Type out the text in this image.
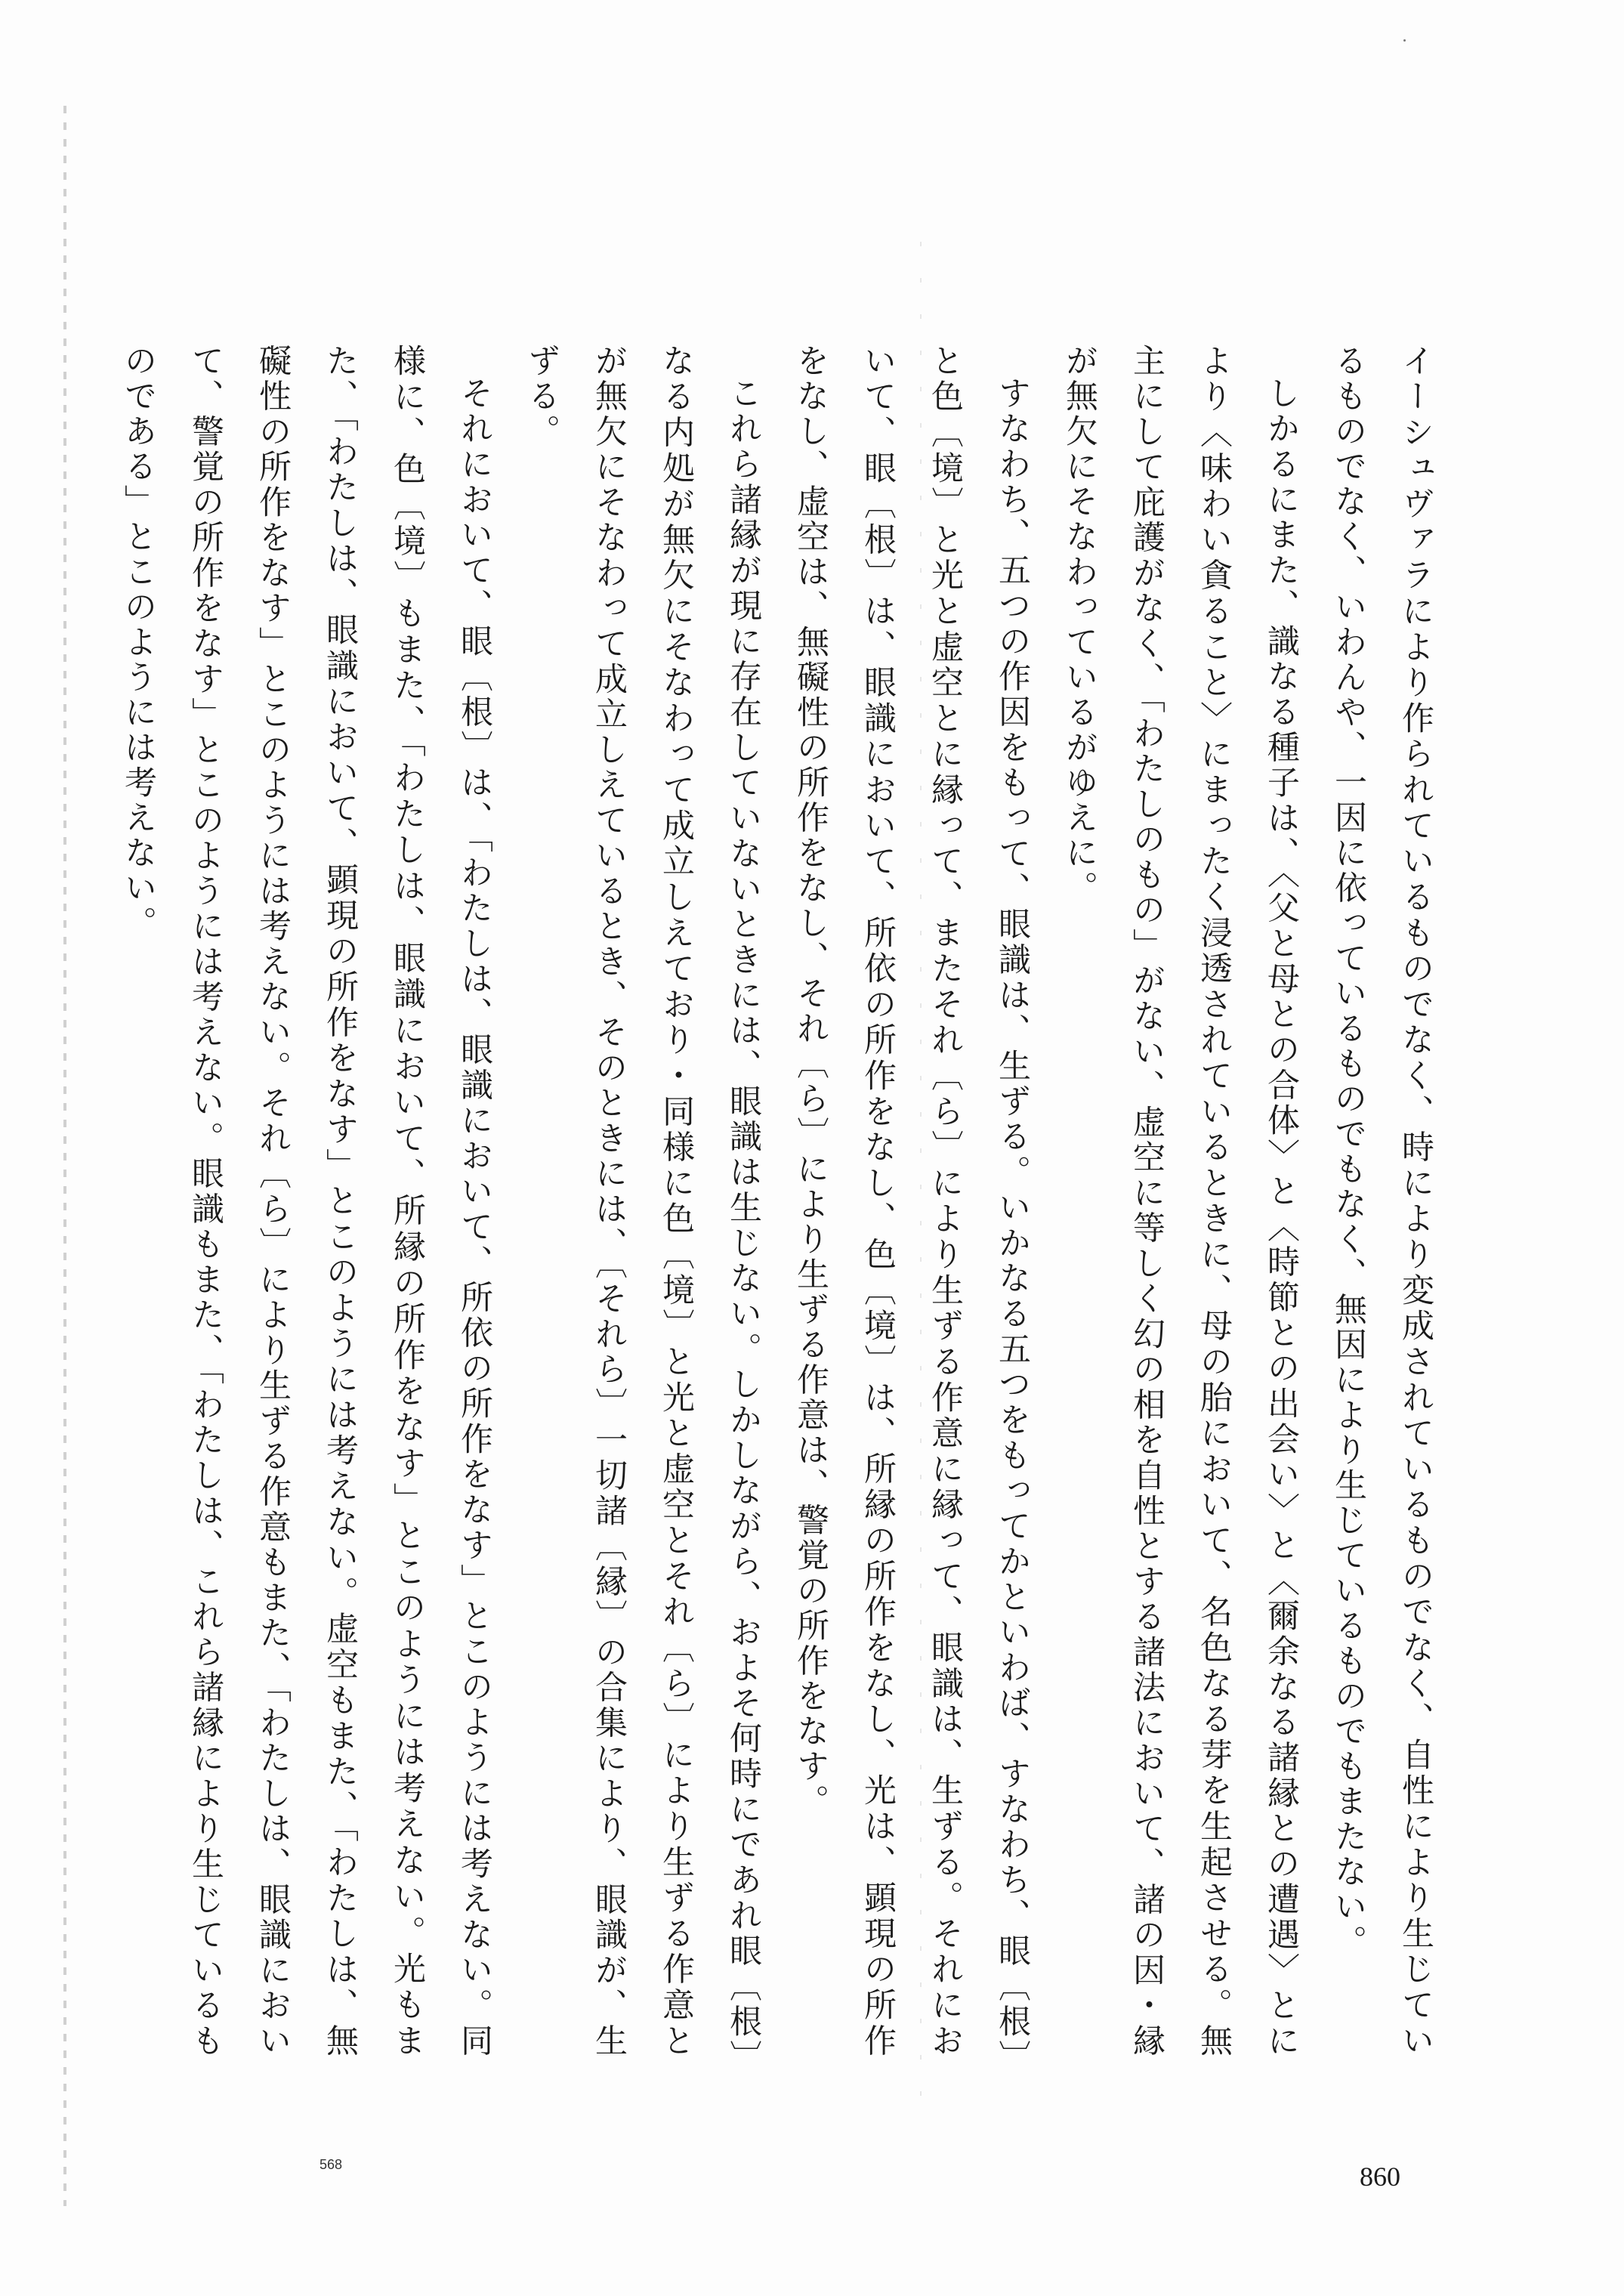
イーシュヴァラにより作られているものでなく、時により変成されているものでなく、自性により生じているものでなく、いわんや、一因に依っているものでもなく、無因により生じているものでもまたない。

しかるにまた、識なる種子は、〈父と母との合体〉と〈時節との出会い〉と〈爾余なる諸縁との遭遇〉とにより〈味わい貪ること〉にまったく浸透されているときに、母の胎において、名色なる芽を生起させる。無主にして庇護がなく、「わたしのもの」がない、虚空に等しく幻の相を自性とする諸法において、諸の因・縁が無欠にそなわっているがゆえに。

すなわち、五つの作因をもって、眼識は、生ずる。いかなる五つをもってかといわば、すなわち、眼〔根〕と色〔境〕と光と虚空とに縁って、またそれ〔ら〕により生ずる作意に縁って、眼識は、生ずる。それにおいて、眼〔根〕は、眼識において、所依の所作をなし、色〔境〕は、所縁の所作をなし、光は、顕現の所作をなし、虚空は、無礙性の所作をなし、それ〔ら〕により生ずる作意は、警覚の所作をなす。

これら諸縁が現に存在していないときには、眼識は生じない。しかしながら、およそ何時にであれ眼〔根〕なる内処が無欠にそなわって成立しえており・同様に色〔境〕と光と虚空とそれ〔ら〕により生ずる作意とが無欠にそなわって成立しえているとき、そのときには、〔それら〕一切諸〔縁〕の合集により、眼識が、生ずる。

それにおいて、眼〔根〕は、「わたしは、眼識において、所依の所作をなす」とこのようには考えない。同様に、色〔境〕もまた、「わたしは、眼識において、所縁の所作をなす」とこのようには考えない。光もまた、「わたしは、眼識において、顕現の所作をなす」とこのようには考えない。虚空もまた、「わたしは、無礙性の所作をなす」とこのようには考えない。それ〔ら〕により生ずる作意もまた、「わたしは、眼識において、警覚の所作をなす」とこのようには考えない。眼識もまた、「わたしは、これら諸縁により生じているものである」とこのようには考えない。

860
568
